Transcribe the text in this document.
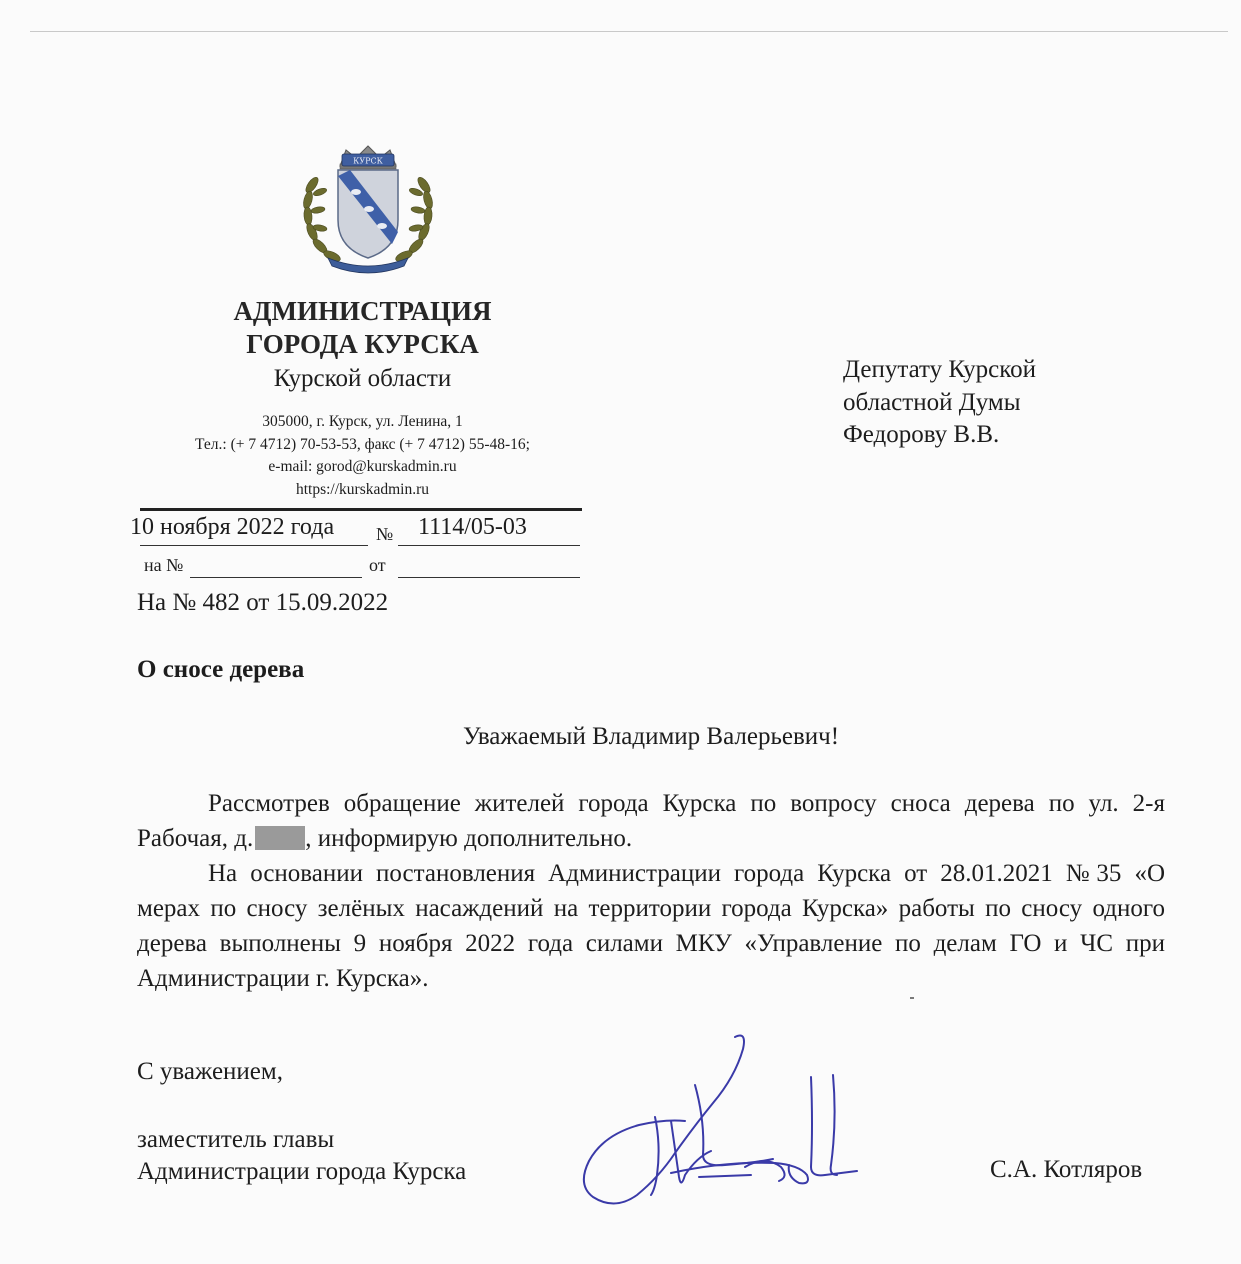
КУРСК
АДМИНИСТРАЦИЯ
ГОРОДА КУРСКА
Курской области
305000, г. Курск, ул. Ленина, 1
Тел.: (+ 7 4712) 70-53-53, факс (+ 7 4712) 55-48-16;
e-mail: gorod@kurskadmin.ru
https://kurskadmin.ru
10 ноября 2022 года № 1114/05-03
на №	от
Депутату Курской
областной Думы
Федорову В.В.
На № 482 от 15.09.2022
О сносе дерева
Уважаемый Владимир Валерьевич!

Рассмотрев обращение жителей города Курска по вопросу сноса дерева по ул. 2-я Рабочая, д. , информирую дополнительно.

На основании постановления Администрации города Курска от 28.01.2021 №35 «О мерах по сносу зелёных насаждений на территории города Курска» работы по сносу одного дерева выполнены 9 ноября 2022 года силами МКУ «Управление по делам ГО и ЧС при Администрации г. Курска».

С уважением,
заместитель главы
Администрации города Курска	С.А. Котляров
